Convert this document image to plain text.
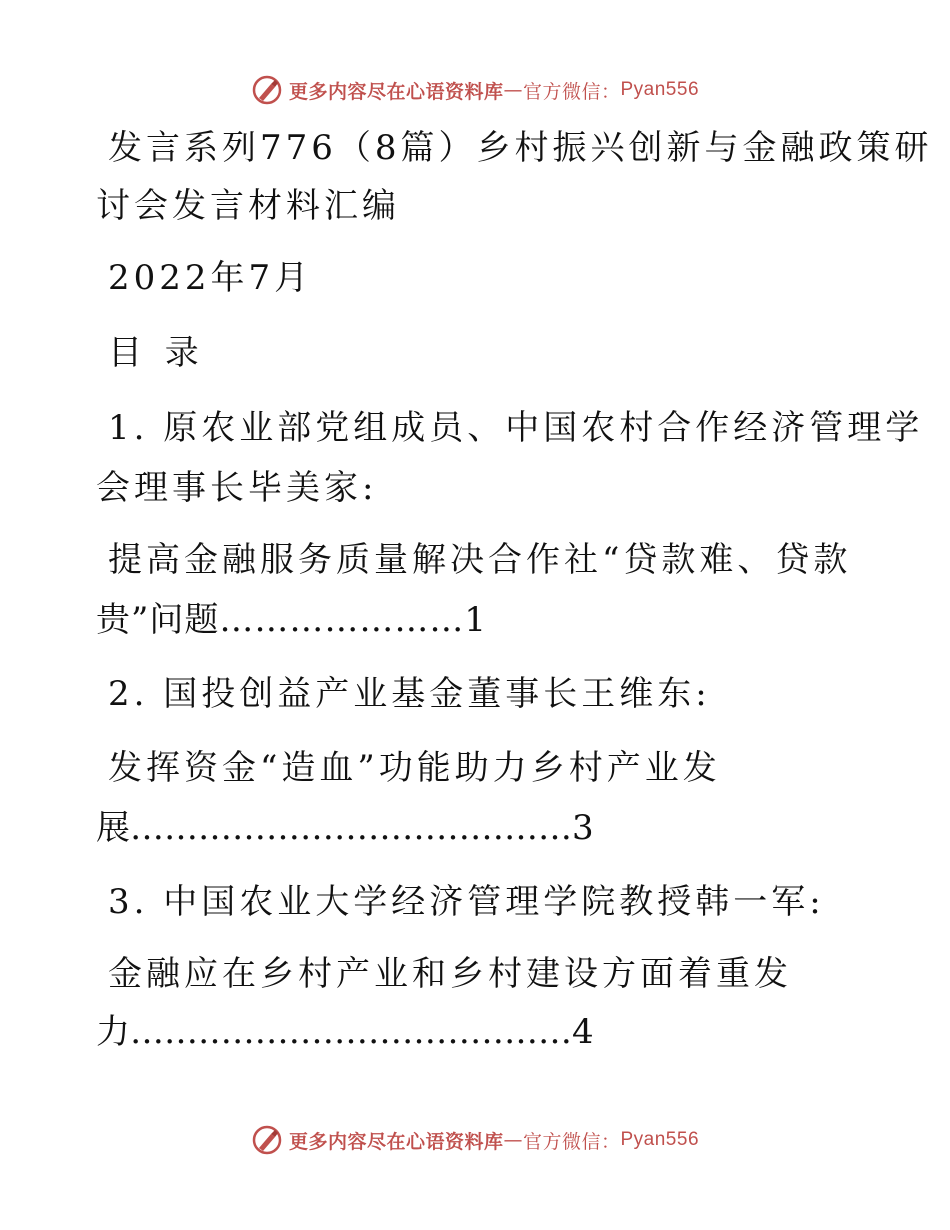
更多内容尽在心语资料库 — 官方微信： Pyan556
发言系列776（8篇）乡村振兴创新与金融政策研
讨会发言材料汇编
2022年7月
目 录
1. 原农业部党组成员、中国农村合作经济管理学
会理事长毕美家:
提高金融服务质量解决合作社“贷款难、贷款
贵”问题…………………1
2. 国投创益产业基金董事长王维东:
发挥资金“造血”功能助力乡村产业发
展…………………………………3
3. 中国农业大学经济管理学院教授韩一军:
金融应在乡村产业和乡村建设方面着重发
力…………………………………4
更多内容尽在心语资料库 — 官方微信： Pyan556
